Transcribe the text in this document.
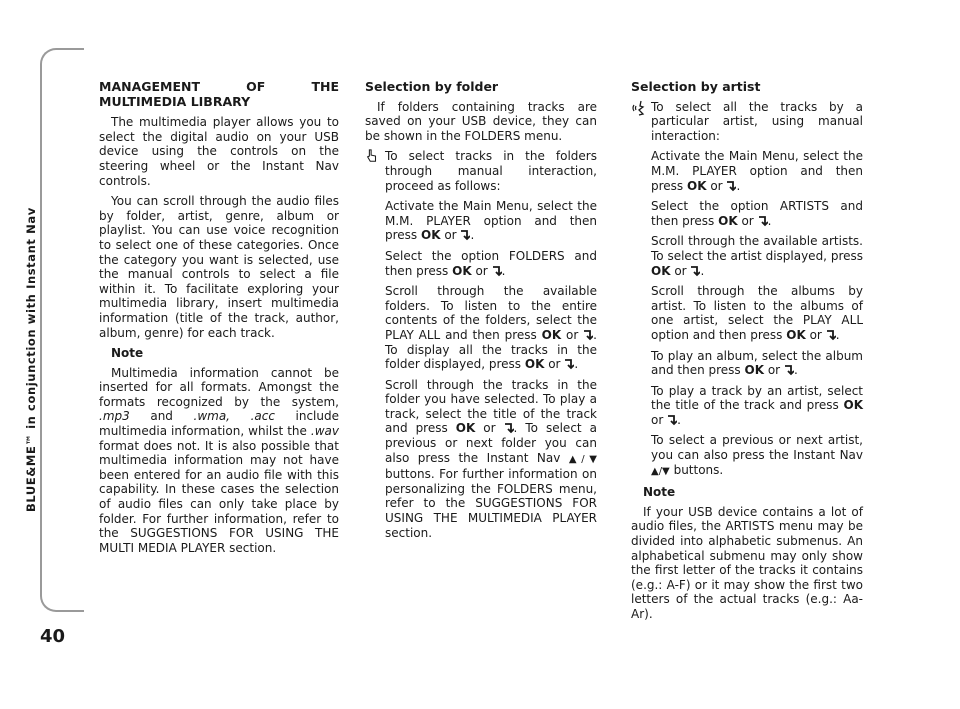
BLUE&ME™ in conjunction with Instant Nav
40
MANAGEMENT OF THE MULTIMEDIA LIBRARY

The multimedia player allows you to select the digital audio on your USB device using the controls on the steering wheel or the Instant Nav controls.

You can scroll through the audio files by folder, artist, genre, album or playlist. You can use voice recognition to select one of these categories. Once the category you want is selected, use the manual controls to select a file within it. To facilitate exploring your multimedia library, insert multimedia information (title of the track, author, album, genre) for each track.

Note

Multimedia information cannot be inserted for all formats. Amongst the formats recognized by the system, .mp3 and .wma, .acc include multimedia information, whilst the .wav format does not. It is also possible that multimedia information may not have been entered for an audio file with this capability. In these cases the selection of audio files can only take place by folder. For further information, refer to the SUGGESTIONS FOR USING THE MULTI MEDIA PLAYER section.

Selection by folder

If folders containing tracks are saved on your USB device, they can be shown in the FOLDERS menu.

To select tracks in the folders through manual interaction, proceed as follows:

Activate the Main Menu, select the M.M. PLAYER option and then press OK or .

Select the option FOLDERS and then press OK or .

Scroll through the available folders. To listen to the entire contents of the folders, select the PLAY ALL and then press OK or . To display all the tracks in the folder displayed, press OK or .

Scroll through the tracks in the folder you have selected. To play a track, select the title of the track and press OK or . To select a previous or next folder you can also press the Instant Nav ▲/▼ buttons. For further information on personalizing the FOLDERS menu, refer to the SUGGESTIONS FOR USING THE MULTIMEDIA PLAYER section.

Selection by artist
To select all the tracks by a particular artist, using manual interaction:

Activate the Main Menu, select the M.M. PLAYER option and then press OK or .

Select the option ARTISTS and then press OK or .

Scroll through the available artists. To select the artist displayed, press OK or .

Scroll through the albums by artist. To listen to the albums of one artist, select the PLAY ALL option and then press OK or .

To play an album, select the album and then press OK or .

To play a track by an artist, select the title of the track and press OK or .

To select a previous or next artist, you can also press the Instant Nav ▲/▼ buttons.

Note

If your USB device contains a lot of audio files, the ARTISTS menu may be divided into alphabetic submenus. An alphabetical submenu may only show the first letter of the tracks it contains (e.g.: A-F) or it may show the first two letters of the actual tracks (e.g.: Aa-Ar).
